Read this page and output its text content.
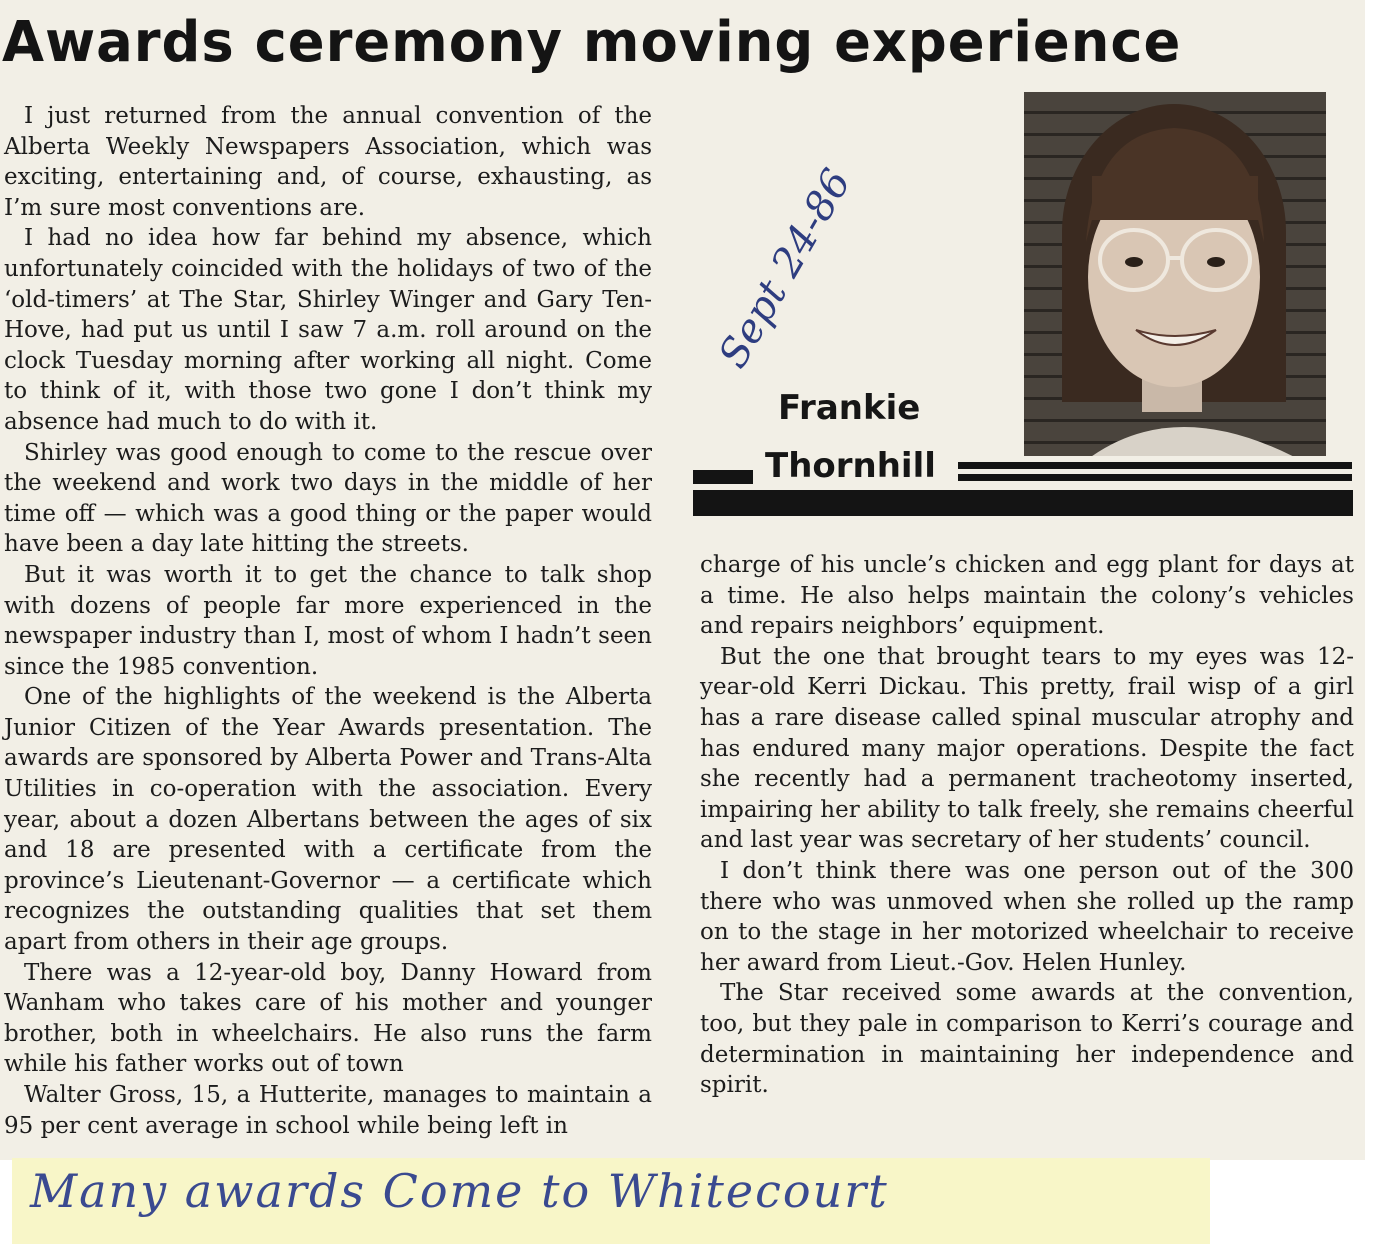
Awards ceremony moving experience

I just returned from the annual convention of the Alberta Weekly Newspapers Association, which was exciting, entertaining and, of course, exhausting, as I’m sure most conventions are.

I had no idea how far behind my absence, which unfortunately coincided with the holidays of two of the ‘old-timers’ at The Star, Shirley Winger and Gary Ten-Hove, had put us until I saw 7 a.m. roll around on the clock Tuesday morning after working all night. Come to think of it, with those two gone I don’t think my absence had much to do with it.

Shirley was good enough to come to the rescue over the weekend and work two days in the middle of her time off — which was a good thing or the paper would have been a day late hitting the streets.

But it was worth it to get the chance to talk shop with dozens of people far more experienced in the newspaper industry than I, most of whom I hadn’t seen since the 1985 convention.

One of the highlights of the weekend is the Alberta Junior Citizen of the Year Awards presentation. The awards are sponsored by Alberta Power and Trans-Alta Utilities in co-operation with the association. Every year, about a dozen Albertans between the ages of six and 18 are presented with a certificate from the province’s Lieutenant-Governor — a certificate which recognizes the outstanding qualities that set them apart from others in their age groups.

There was a 12-year-old boy, Danny Howard from Wanham who takes care of his mother and younger brother, both in wheelchairs. He also runs the farm while his father works out of town

Walter Gross, 15, a Hutterite, manages to maintain a 95 per cent average in school while being left in

Sept 24-86

Frankie

Thornhill

charge of his uncle’s chicken and egg plant for days at a time. He also helps maintain the colony’s vehicles and repairs neighbors’ equipment.

But the one that brought tears to my eyes was 12-year-old Kerri Dickau. This pretty, frail wisp of a girl has a rare disease called spinal muscular atrophy and has endured many major operations. Despite the fact she recently had a permanent tracheotomy inserted, impairing her ability to talk freely, she remains cheerful and last year was secretary of her students’ council.

I don’t think there was one person out of the 300 there who was unmoved when she rolled up the ramp on to the stage in her motorized wheelchair to receive her award from Lieut.-Gov. Helen Hunley.

The Star received some awards at the convention, too, but they pale in comparison to Kerri’s courage and determination in maintaining her independence and spirit.

Many awards Come to Whitecourt
